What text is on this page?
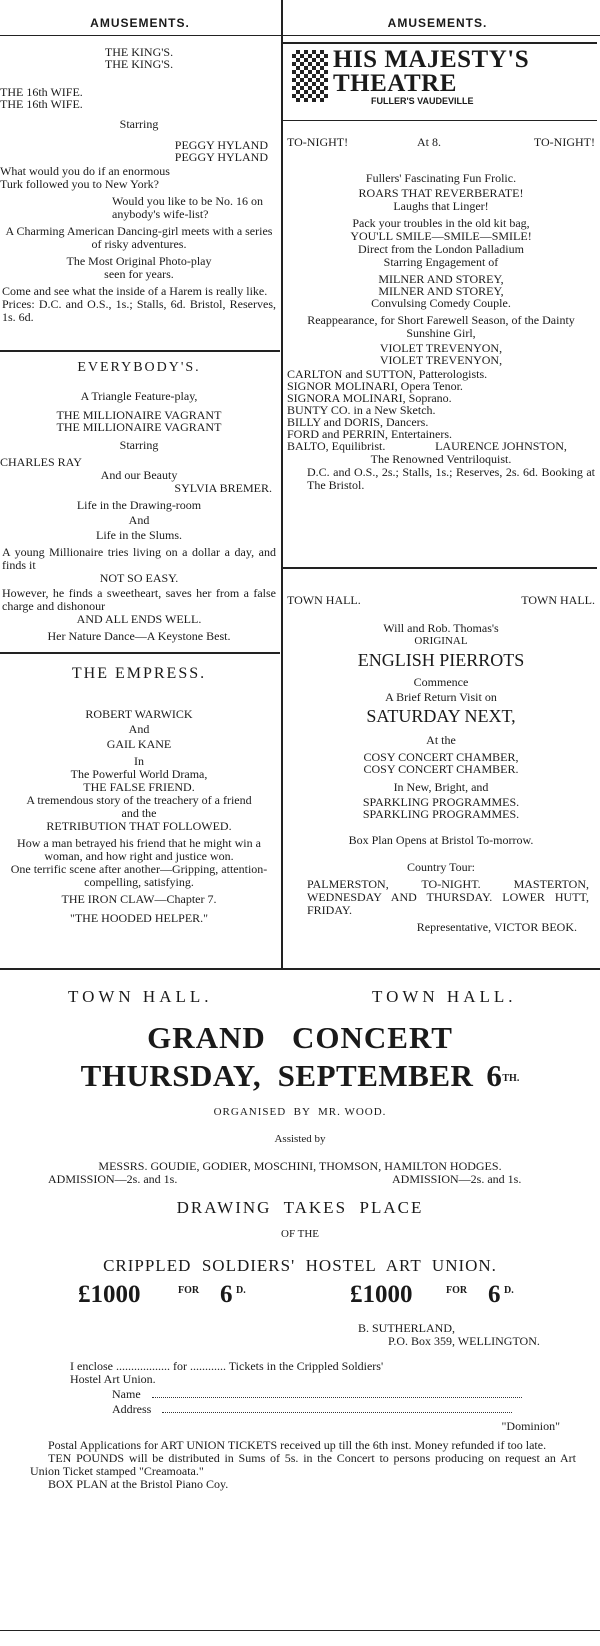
AMUSEMENTS.	AMUSEMENTS.
THE KING'S.
THE KING'S.
THE 16th WIFE.
THE 16th WIFE.
Starring
PEGGY HYLAND
PEGGY HYLAND
What would you do if an enormous Turk followed you to New York?
Would you like to be No. 16 on anybody's wife-list?
A Charming American Dancing-girl meets with a series of risky adventures.
The Most Original Photo-play seen for years.
Come and see what the inside of a Harem is really like.
Prices: D.C. and O.S., 1s.; Stalls, 6d. Bristol, Reserves, 1s. 6d.
EVERYBODY'S.
A Triangle Feature-play,
THE MILLIONAIRE VAGRANT
THE MILLIONAIRE VAGRANT
Starring
CHARLES RAY
And our Beauty
SYLVIA BREMER.
Life in the Drawing-room
And
Life in the Slums.
A young Millionaire tries living on a dollar a day, and finds it
NOT SO EASY.
However, he finds a sweetheart, saves her from a false charge and dishonour
AND ALL ENDS WELL.
Her Nature Dance—A Keystone Best.
THE EMPRESS.
ROBERT WARWICK
And
GAIL KANE
In
The Powerful World Drama,
THE FALSE FRIEND.
A tremendous story of the treachery of a friend and the
RETRIBUTION THAT FOLLOWED.
How a man betrayed his friend that he might win a woman, and how right and justice won.
One terrific scene after another—Gripping, attention-compelling, satisfying.
THE IRON CLAW—Chapter 7.
"THE HOODED HELPER."
HIS MAJESTY'S
THEATRE
FULLER'S VAUDEVILLE
TO-NIGHT!	At 8.	TO-NIGHT!
Fullers' Fascinating Fun Frolic.
ROARS THAT REVERBERATE!
Laughs that Linger!
Pack your troubles in the old kit bag,
YOU'LL SMILE—SMILE—SMILE!
Direct from the London Palladium
Starring Engagement of
MILNER AND STOREY,
MILNER AND STOREY,
Convulsing Comedy Couple.
Reappearance, for Short Farewell Season, of the Dainty Sunshine Girl,
VIOLET TREVENYON,
VIOLET TREVENYON,
CARLTON and SUTTON, Patterologists.
SIGNOR MOLINARI, Opera Tenor.
SIGNORA MOLINARI, Soprano.
BUNTY CO. in a New Sketch.
BILLY and DORIS, Dancers.
FORD and PERRIN, Entertainers.
BALTO, Equilibrist.	LAURENCE JOHNSTON,
The Renowned Ventriloquist.
D.C. and O.S., 2s.; Stalls, 1s.; Reserves, 2s. 6d. Booking at The Bristol.
TOWN HALL.	TOWN HALL.
Will and Rob. Thomas's
ORIGINAL
ENGLISH PIERROTS
Commence
A Brief Return Visit on
SATURDAY NEXT,
At the
COSY CONCERT CHAMBER,
COSY CONCERT CHAMBER.
In New, Bright, and
SPARKLING PROGRAMMES.
SPARKLING PROGRAMMES.
Box Plan Opens at Bristol To-morrow.
Country Tour:
PALMERSTON, TO-NIGHT. MASTERTON, WEDNESDAY AND THURSDAY. LOWER HUTT, FRIDAY.
Representative, VICTOR BEOK.
TOWN HALL.	TOWN HALL.
GRAND   CONCERT
THURSDAY,  SEPTEMBER $6^{TH.}$
ORGANISED  BY  MR. WOOD.
Assisted by
MESSRS. GOUDIE, GODIER, MOSCHINI, THOMSON, HAMILTON HODGES.
ADMISSION—2s. and 1s.	ADMISSION—2s. and 1s.
DRAWING  TAKES  PLACE
OF THE
CRIPPLED  SOLDIERS'  HOSTEL  ART  UNION.
£1000	FOR 6 D.	£1000	FOR 6 D.
B. SUTHERLAND,
P.O. Box 359, WELLINGTON.
I enclose .................. for ............ Tickets in the Crippled Soldiers'
Hostel Art Union.
Name
Address
"Dominion"
Postal Applications for ART UNION TICKETS received up till the 6th inst. Money refunded if too late.
TEN POUNDS will be distributed in Sums of 5s. in the Concert to persons producing on request an Art Union Ticket stamped "Creamoata."
BOX PLAN at the Bristol Piano Coy.
